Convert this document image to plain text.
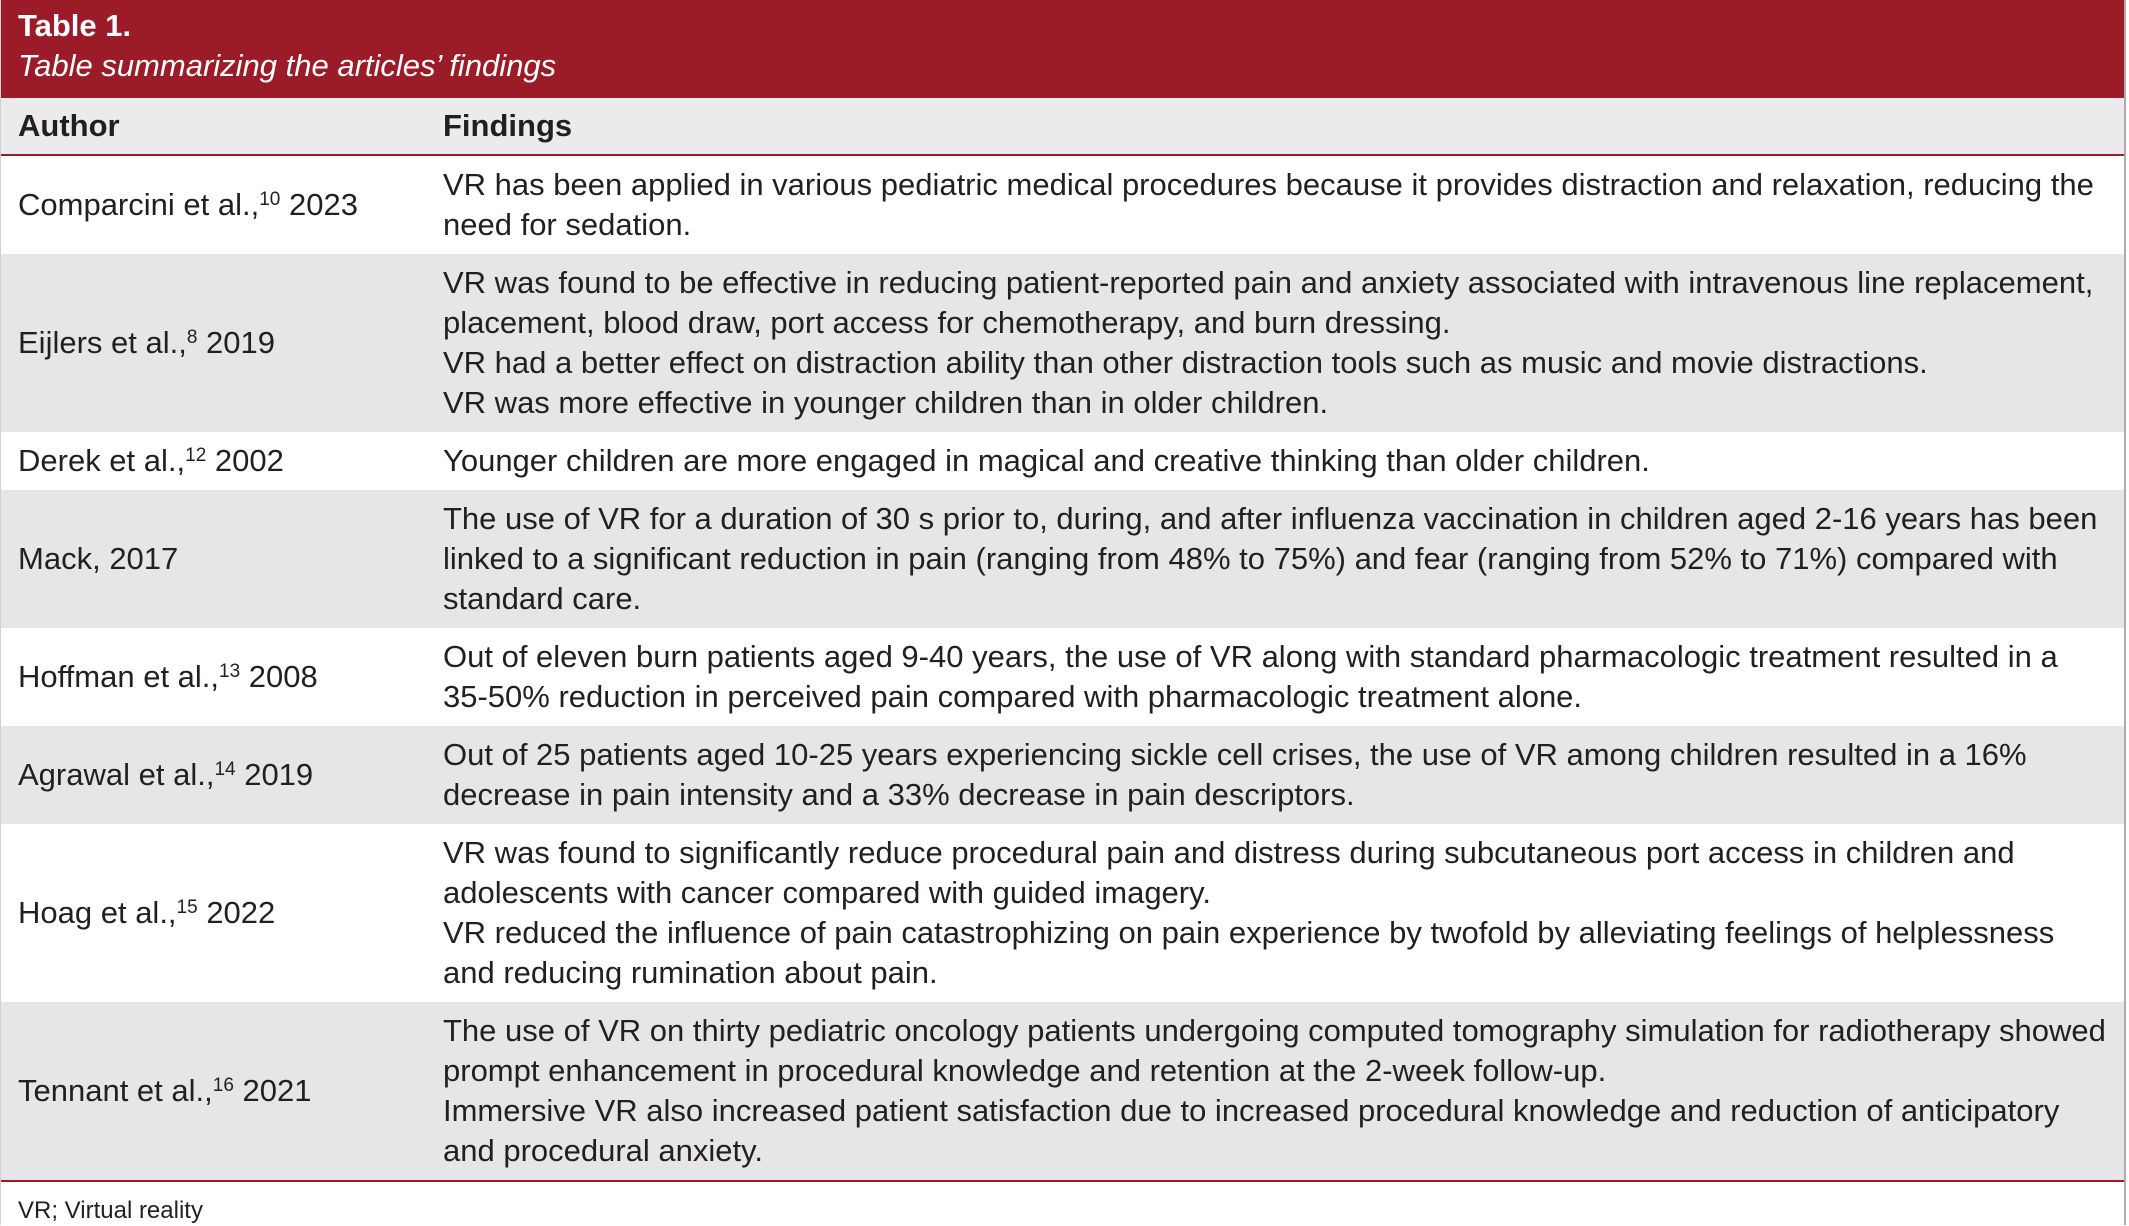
Table 1.
Table summarizing the articles’ findings
Author	Findings
Comparcini et al.,$^{10}$ 2023	VR has been applied in various pediatric medical procedures because it provides distraction and relaxation, reducing the need for sedation.

Eijlers et al.,$^8$ 2019	VR was found to be effective in reducing patient-reported pain and anxiety associated with intravenous line replacement, placement, blood draw, port access for chemotherapy, and burn dressing.
VR had a better effect on distraction ability than other distraction tools such as music and movie distractions.
VR was more effective in younger children than in older children.

Derek et al.,$^{12}$ 2002	Younger children are more engaged in magical and creative thinking than older children.

Mack, 2017	The use of VR for a duration of 30 s prior to, during, and after influenza vaccination in children aged 2-16 years has been linked to a significant reduction in pain (ranging from 48% to 75%) and fear (ranging from 52% to 71%) compared with standard care.

Hoffman et al.,$^{13}$ 2008	Out of eleven burn patients aged 9-40 years, the use of VR along with standard pharmacologic treatment resulted in a 35-50% reduction in perceived pain compared with pharmacologic treatment alone.

Agrawal et al.,$^{14}$ 2019	Out of 25 patients aged 10-25 years experiencing sickle cell crises, the use of VR among children resulted in a 16% decrease in pain intensity and a 33% decrease in pain descriptors.

Hoag et al.,$^{15}$ 2022	VR was found to significantly reduce procedural pain and distress during subcutaneous port access in children and adolescents with cancer compared with guided imagery.
VR reduced the influence of pain catastrophizing on pain experience by twofold by alleviating feelings of helplessness and reducing rumination about pain.

Tennant et al.,$^{16}$ 2021	The use of VR on thirty pediatric oncology patients undergoing computed tomography simulation for radiotherapy showed prompt enhancement in procedural knowledge and retention at the 2-week follow-up.
Immersive VR also increased patient satisfaction due to increased procedural knowledge and reduction of anticipatory and procedural anxiety.
VR; Virtual reality
